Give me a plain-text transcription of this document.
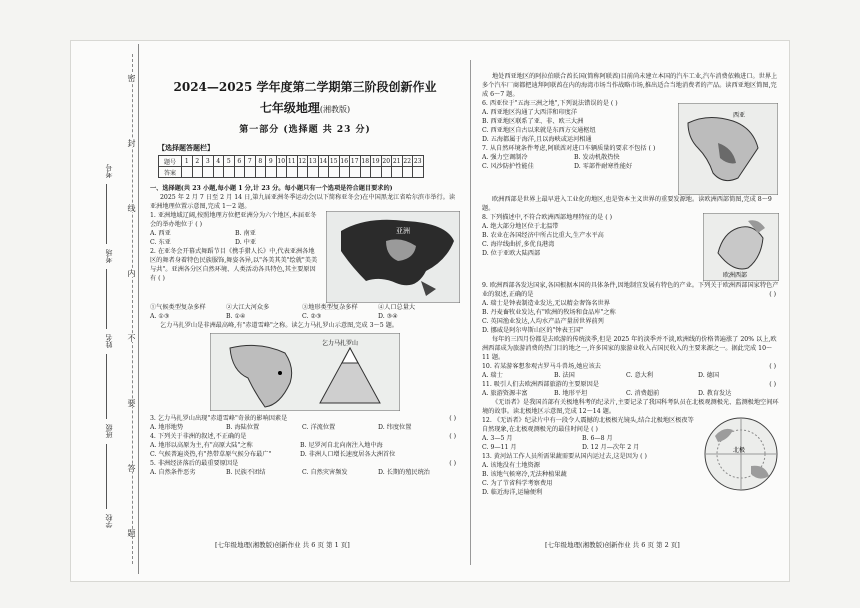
学校
班级
姓名
考场
考号
密
封
线
内
不
要
答
题
2024—2025 学年度第二学期第三阶段创新作业
七年级地理(湘教版)
第一部分 (选择题 共 23 分)
【选择题答题栏】
题号	1	2	3	4	5	6	7	8	9	10	11	12	13	14	15	16	17	18	19	20	21	22	23
答案																							

一、选择题(共 23 小题,每小题 1 分,计 23 分。每小题只有一个选项是符合题目要求的)

2025 年 2 月 7 日至 2 月 14 日,第九届亚洲冬季运动会(以下简称亚冬会)在中国黑龙江省哈尔滨市举行。读亚洲地理位置示意图,完成 1～2 题。

1. 亚洲地域辽阔,按照地理方位把亚洲分为六个地区,本届亚冬会的举办地位于 ( )

A. 西亚	B. 南亚
C. 东亚	D. 中亚

2. 在亚冬会开幕式舞蹈节目《携手猎人长》中,代表亚洲各地区的舞者身着特色民族服饰,舞姿各异,以"各美其美"绘就"美美与共"。亚洲各分区自然环境、人类活动各具特色,其主要原因有 ( )

亚洲
①气候类型复杂多样	②大江大河众多	③地形类型复杂多样	④人口总量大
A. ①③	B. ①④	C. ②③	D. ③④

乞力马扎罗山是非洲最高峰,有"赤道雪峰"之称。读乞力马扎罗山示意图,完成 3～5 题。

乞力马扎罗山

3. 乞力马扎罗山出现"赤道雪峰"奇景的影响因素是	( )

A. 地形地势	B. 海陆位置	C. 洋流位置	D. 纬度位置

4. 下列关于非洲的叙述,不正确的是	( )

A. 地形以高原为主,有"高原大陆"之称	B. 尼罗河自北向南注入地中海
C. 气候普遍炎热,有"热带草原气候分布最广"	D. 非洲人口增长速度居各大洲首位

5. 非洲经济落后的最重要原因是	( )

A. 自然条件恶劣	B. 民族不团结	C. 自然灾害频发	D. 长期的殖民统治
[七年级地理(湘教版)创新作业 共 6 页 第 1 页]

地处西亚地区的阿拉伯联合酋长国(简称阿联酋)目前尚未建立本国的汽车工业,汽车消费依赖进口。世界上多个汽车厂商都把迪拜阿联酋在内的海湾市场当作战略市场,推出适合当地消费者的产品。读西亚地区简图,完成 6～7 题。

6. 西亚位于"五海三洲之地",下列说法错误的是 ( )

A. 西亚地区沟通了大西洋和印度洋
B. 西亚地区联系了亚、非、欧三大洲
C. 西亚地区自古以来就是东西方交通枢纽
D. 五海都属于海洋,且以海峡或运河相通

7. 从自然环境条件考虑,阿联酋对进口车辆质量的要求不包括 ( )

A. 强力空调制冷	B. 发动机散热快
C. 风沙防护性能佳	D. 零部件耐寒性能好
西亚

欧洲西部是世界上最早进入工业化的地区,也是资本主义世界的重要发源地。读欧洲西部简图,完成 8～9 题。

8. 下列描述中,不符合欧洲西部地理特征的是 ( )

A. 绝大部分地区位于北温带
B. 农业在各国经济中所占比重大,生产水平高
C. 海岸线曲折,多优良港湾
D. 位于亚欧大陆西部
欧洲西部

9. 欧洲西部各发达国家,各国根据本国的具体条件,因地制宜发展有特色的产业。下列关于欧洲西部国家特色产业的叙述,正确的是	( )

A. 瑞士是钟表制造业发达,无以精金奢饰名世界
B. 丹麦畜牧业发达,有"欧洲的牧场和食品库"之称
C. 英国渔业发达,人均水产品产量居世界前列
D. 挪威是阿尔卑斯山区的"钟表王国"

每年的三四月份都是去欧游的传统淡季,但是 2025 年的淡季并不淡,欧洲线的价格普遍涨了 20% 以上,欧洲西部成为旅游消费的热门目的地之一,许多国家的旅游业收入占国民收入的主要来源之一。据此完成 10～11 题。

10. 若某游客想参观古罗马斗兽场,她应该去	( )

A. 瑞士	B. 法国	C. 意大利	D. 德国

11. 吸引人们去欧洲西部旅游的主要原因是	( )

A. 旅游资源丰富	B. 地形平坦	C. 消费超前	D. 教育发达

《无语者》是我国首部有关极地科考的纪录片,主要记录了我国科考队员在北极观测极光、监测极地空间环境的故事。读北极地区示意图,完成 12～14 题。

12. 《无语者》纪录片中有一段令人震撼的北极极光镜头,结合北极地区极夜等自然现象,在北极观测极光的最佳时间是 ( )

A. 3—5 月	B. 6—8 月
C. 9—11 月	D. 12 月—次年 2 月

13. 黄河站工作人员所需果蔬需要从国内运过去,这是因为 ( )

A. 该地没有土地资源
B. 该地气候寒冷,无法种植果蔬
C. 为了节省科学考察费用
D. 临近海洋,运输便利
北极
[七年级地理(湘教版)创新作业 共 6 页 第 2 页]
